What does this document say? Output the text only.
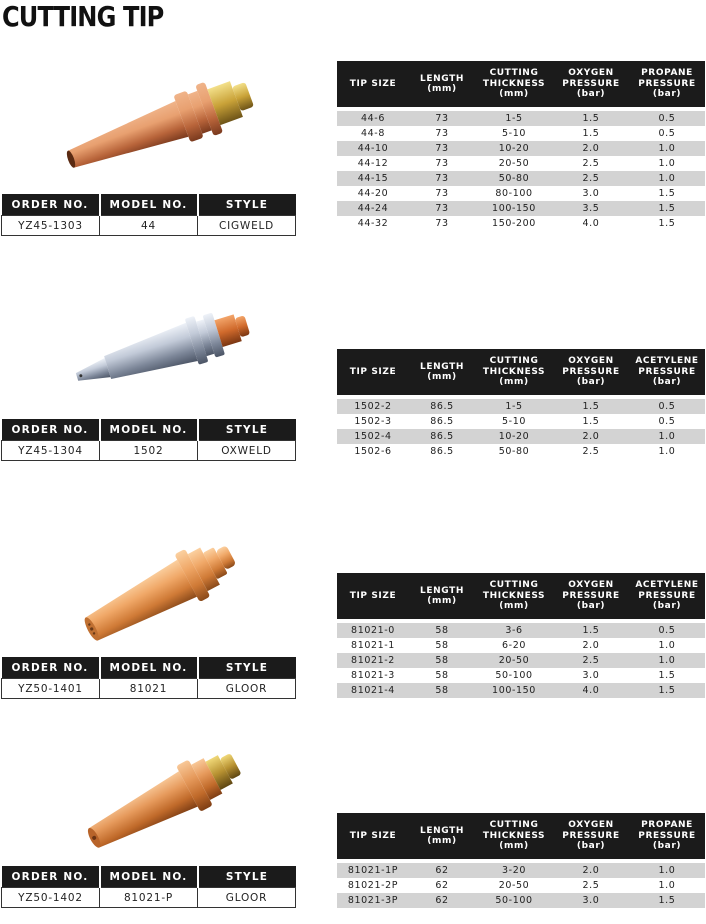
CUTTING TIP
ORDER NO.	MODEL NO.	STYLE
YZ45-1303	44	CIGWELD
TIP SIZE	LENGTH (mm)	CUTTING THICKNESS (mm)	OXYGEN PRESSURE (bar)	PROPANE PRESSURE (bar)

44-6	73	1-5	1.5	0.5
44-8	73	5-10	1.5	0.5
44-10	73	10-20	2.0	1.0
44-12	73	20-50	2.5	1.0
44-15	73	50-80	2.5	1.0
44-20	73	80-100	3.0	1.5
44-24	73	100-150	3.5	1.5
44-32	73	150-200	4.0	1.5
ORDER NO.	MODEL NO.	STYLE
YZ45-1304	1502	OXWELD
TIP SIZE	LENGTH (mm)	CUTTING THICKNESS (mm)	OXYGEN PRESSURE (bar)	ACETYLENE PRESSURE (bar)

1502-2	86.5	1-5	1.5	0.5
1502-3	86.5	5-10	1.5	0.5
1502-4	86.5	10-20	2.0	1.0
1502-6	86.5	50-80	2.5	1.0
ORDER NO.	MODEL NO.	STYLE
YZ50-1401	81021	GLOOR
TIP SIZE	LENGTH (mm)	CUTTING THICKNESS (mm)	OXYGEN PRESSURE (bar)	ACETYLENE PRESSURE (bar)

81021-0	58	3-6	1.5	0.5
81021-1	58	6-20	2.0	1.0
81021-2	58	20-50	2.5	1.0
81021-3	58	50-100	3.0	1.5
81021-4	58	100-150	4.0	1.5
ORDER NO.	MODEL NO.	STYLE
YZ50-1402	81021-P	GLOOR
TIP SIZE	LENGTH (mm)	CUTTING THICKNESS (mm)	OXYGEN PRESSURE (bar)	PROPANE PRESSURE (bar)

81021-1P	62	3-20	2.0	1.0
81021-2P	62	20-50	2.5	1.0
81021-3P	62	50-100	3.0	1.5
